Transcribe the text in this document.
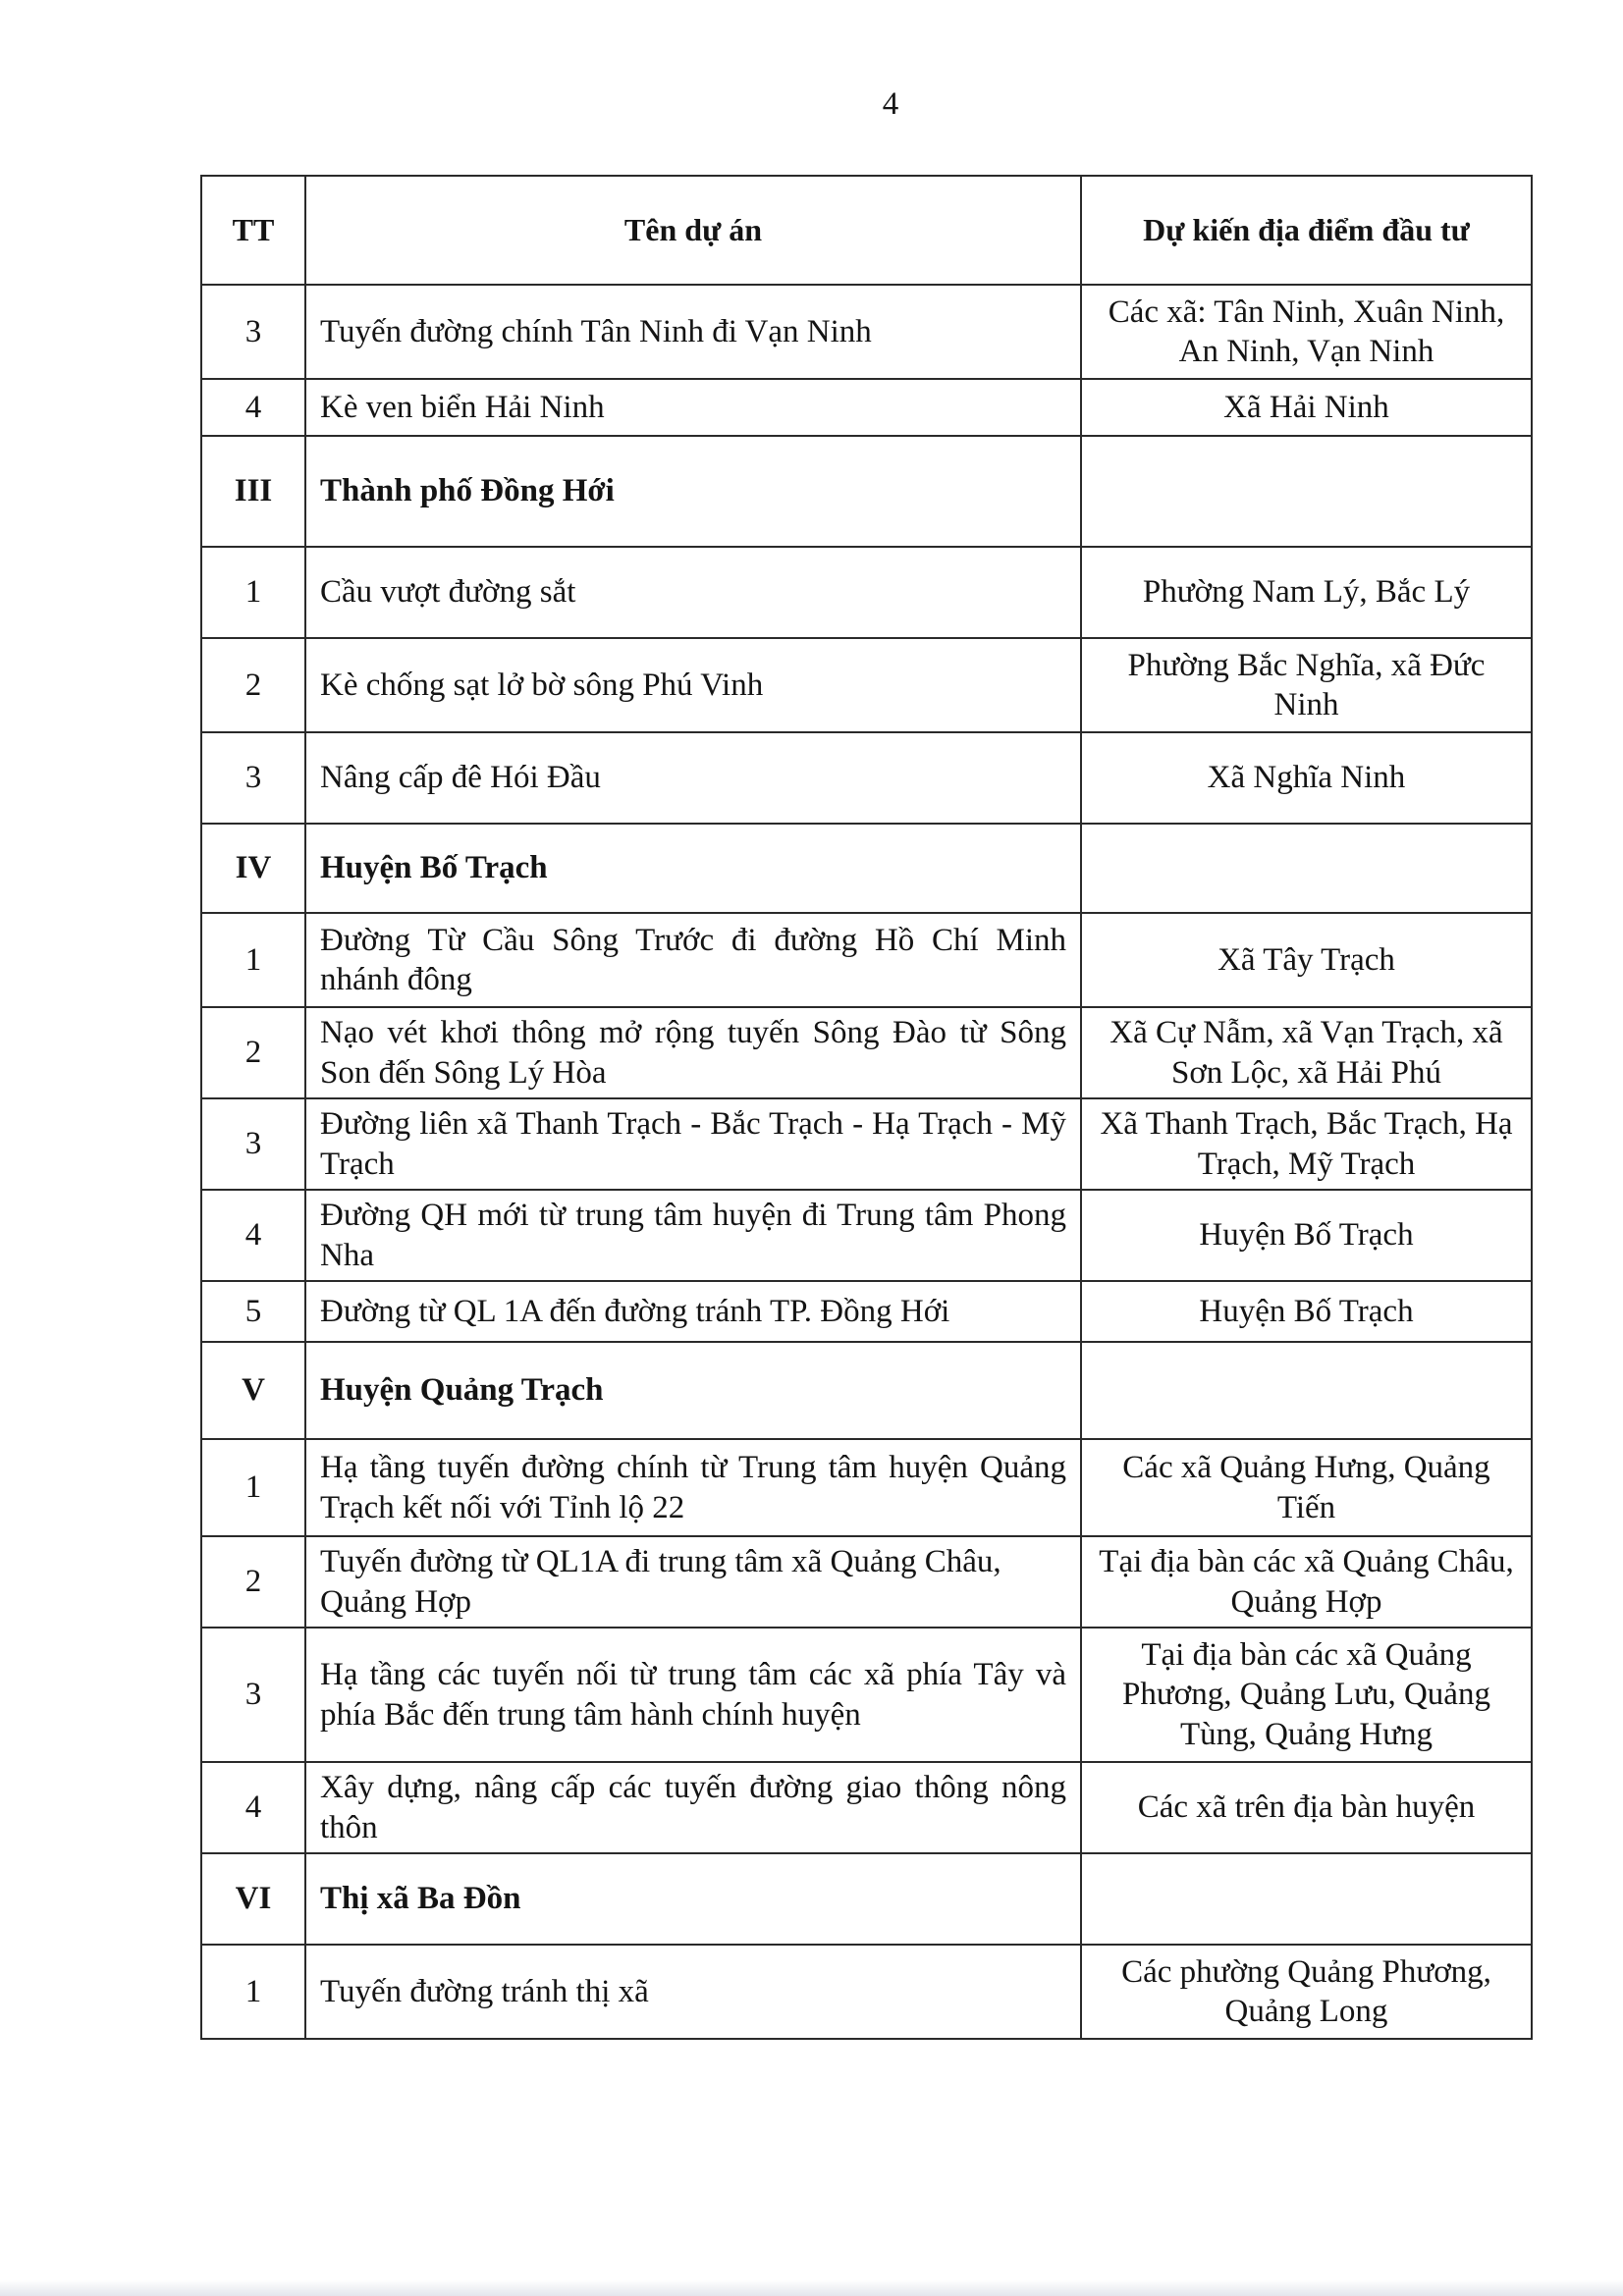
4
TT	Tên dự án	Dự kiến địa điểm đầu tư
3	Tuyến đường chính Tân Ninh đi Vạn Ninh	Các xã: Tân Ninh, Xuân Ninh, An Ninh, Vạn Ninh
4	Kè ven biển Hải Ninh	Xã Hải Ninh
III	Thành phố Đồng Hới	
1	Cầu vượt đường sắt	Phường Nam Lý, Bắc Lý
2	Kè chống sạt lở bờ sông Phú Vinh	Phường Bắc Nghĩa, xã Đức Ninh
3	Nâng cấp đê Hói Đầu	Xã Nghĩa Ninh
IV	Huyện Bố Trạch	
1	Đường Từ Cầu Sông Trước đi đường Hồ Chí Minh nhánh đông	Xã Tây Trạch
2	Nạo vét khơi thông mở rộng tuyến Sông Đào từ Sông Son đến Sông Lý Hòa	Xã Cự Nẫm, xã Vạn Trạch, xã Sơn Lộc, xã Hải Phú
3	Đường liên xã Thanh Trạch - Bắc Trạch - Hạ Trạch - Mỹ Trạch	Xã Thanh Trạch, Bắc Trạch, Hạ Trạch, Mỹ Trạch
4	Đường QH mới từ trung tâm huyện đi Trung tâm Phong Nha	Huyện Bố Trạch
5	Đường từ QL 1A đến đường tránh TP. Đồng Hới	Huyện Bố Trạch
V	Huyện Quảng Trạch	
1	Hạ tầng tuyến đường chính từ Trung tâm huyện Quảng Trạch kết nối với Tỉnh lộ 22	Các xã Quảng Hưng, Quảng Tiến
2	Tuyến đường từ QL1A đi trung tâm xã Quảng Châu, Quảng Hợp	Tại địa bàn các xã Quảng Châu, Quảng Hợp
3	Hạ tầng các tuyến nối từ trung tâm các xã phía Tây và phía Bắc đến trung tâm hành chính huyện	Tại địa bàn các xã Quảng Phương, Quảng Lưu, Quảng Tùng, Quảng Hưng
4	Xây dựng, nâng cấp các tuyến đường giao thông nông thôn	Các xã trên địa bàn huyện
VI	Thị xã Ba Đồn	
1	Tuyến đường tránh thị xã	Các phường Quảng Phương, Quảng Long
